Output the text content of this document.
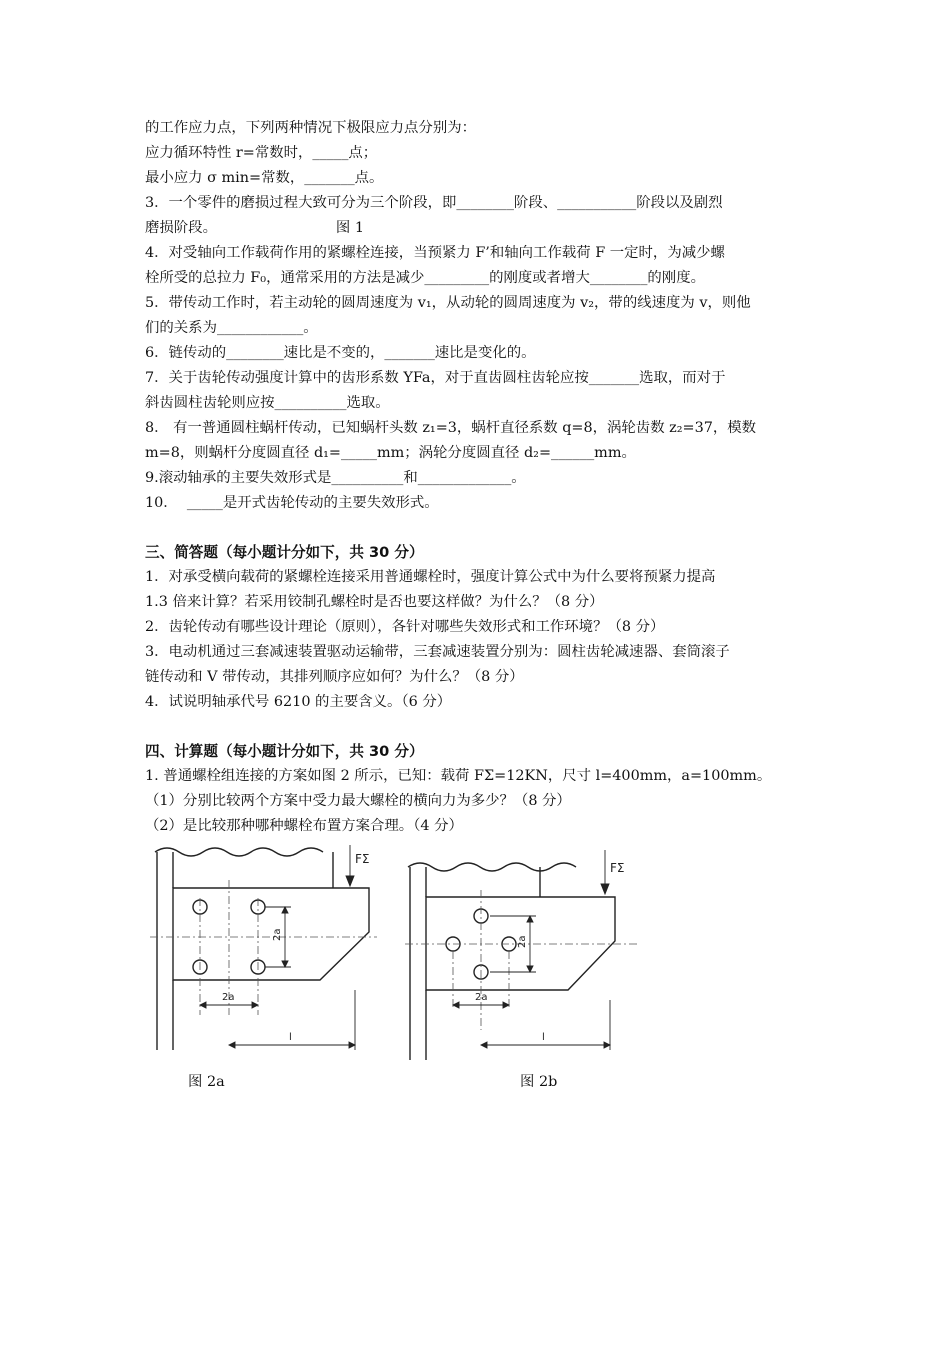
的工作应力点，下列两种情况下极限应力点分别为：
应力循环特性 r=常数时，_____点；
最小应力 σ min=常数，_______点。
3．一个零件的磨损过程大致可分为三个阶段，即________阶段、___________阶段以及剧烈
磨损阶段。                          图 1
4．对受轴向工作载荷作用的紧螺栓连接，当预紧力 F’和轴向工作载荷 F 一定时，为减少螺
栓所受的总拉力 F₀，通常采用的方法是减少_________的刚度或者增大________的刚度。
5．带传动工作时，若主动轮的圆周速度为 v₁，从动轮的圆周速度为 v₂，带的线速度为 v，则他
们的关系为____________。
6．链传动的________速比是不变的，_______速比是变化的。
7．关于齿轮传动强度计算中的齿形系数 YFa，对于直齿圆柱齿轮应按_______选取，而对于
斜齿圆柱齿轮则应按__________选取。
8． 有一普通圆柱蜗杆传动，已知蜗杆头数 z₁=3，蜗杆直径系数 q=8，涡轮齿数 z₂=37，模数
m=8，则蜗杆分度圆直径 d₁=_____mm；涡轮分度圆直径 d₂=______mm。
9.滚动轴承的主要失效形式是__________和_____________。
10．  _____是开式齿轮传动的主要失效形式。
三、简答题（每小题计分如下，共 30 分）
1．对承受横向载荷的紧螺栓连接采用普通螺栓时，强度计算公式中为什么要将预紧力提高
1.3 倍来计算？若采用铰制孔螺栓时是否也要这样做？为什么？（8 分）
2．齿轮传动有哪些设计理论（原则），各针对哪些失效形式和工作环境？（8 分）
3．电动机通过三套减速装置驱动运输带，三套减速装置分别为：圆柱齿轮减速器、套筒滚子
链传动和 V 带传动，其排列顺序应如何？为什么？（8 分）
4．试说明轴承代号 6210 的主要含义。（6 分）
四、计算题（每小题计分如下，共 30 分）
1. 普通螺栓组连接的方案如图 2 所示，已知：载荷 FΣ=12KN，尺寸 l=400mm，a=100mm。
（1）分别比较两个方案中受力最大螺栓的横向力为多少？（8 分）
（2）是比较那种哪种螺栓布置方案合理。（4 分）
FΣ
2a
2a
l
FΣ
2a
2a
l
图 2a	图 2b
